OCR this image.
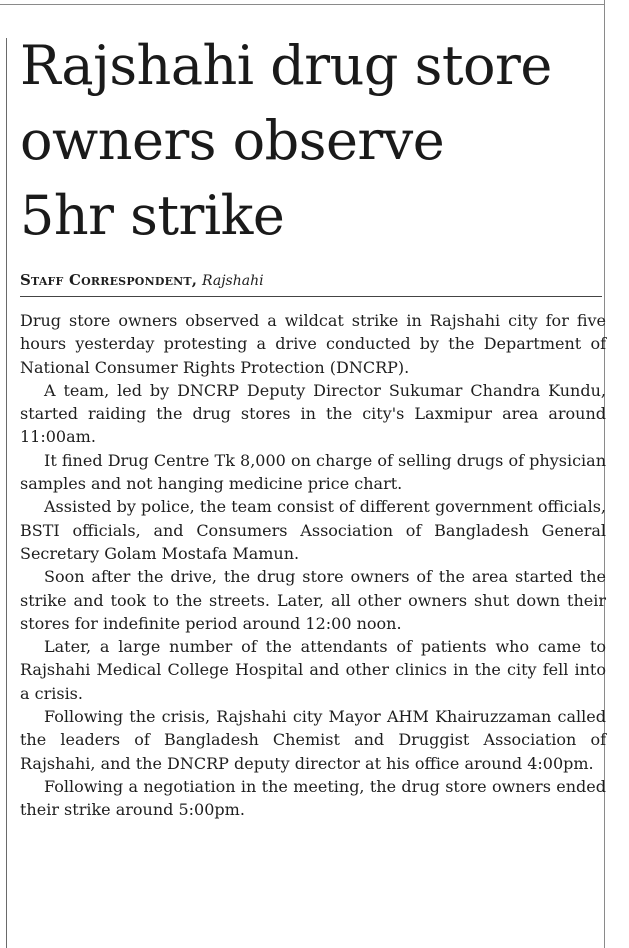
Rajshahi drug store
owners observe
5hr strike
Staff Correspondent, Rajshahi

Drug store owners observed a wildcat strike in Rajshahi city for five hours yesterday protesting a drive conducted by the Department of National Consumer Rights Protection (DNCRP).

A team, led by DNCRP Deputy Director Sukumar Chandra Kundu, started raiding the drug stores in the city's Laxmipur area around 11:00am.

It fined Drug Centre Tk 8,000 on charge of selling drugs of physician samples and not hanging medicine price chart.

Assisted by police, the team consist of different government officials, BSTI officials, and Consumers Association of Bangladesh General Secretary Golam Mostafa Mamun.

Soon after the drive, the drug store owners of the area started the strike and took to the streets. Later, all other owners shut down their stores for indefinite period around 12:00 noon.

Later, a large number of the attendants of patients who came to Rajshahi Medical College Hospital and other clinics in the city fell into a crisis.

Following the crisis, Rajshahi city Mayor AHM Khairuzzaman called the leaders of Bangladesh Chemist and Druggist Association of Rajshahi, and the DNCRP deputy director at his office around 4:00pm.

Following a negotiation in the meeting, the drug store owners ended their strike around 5:00pm.
